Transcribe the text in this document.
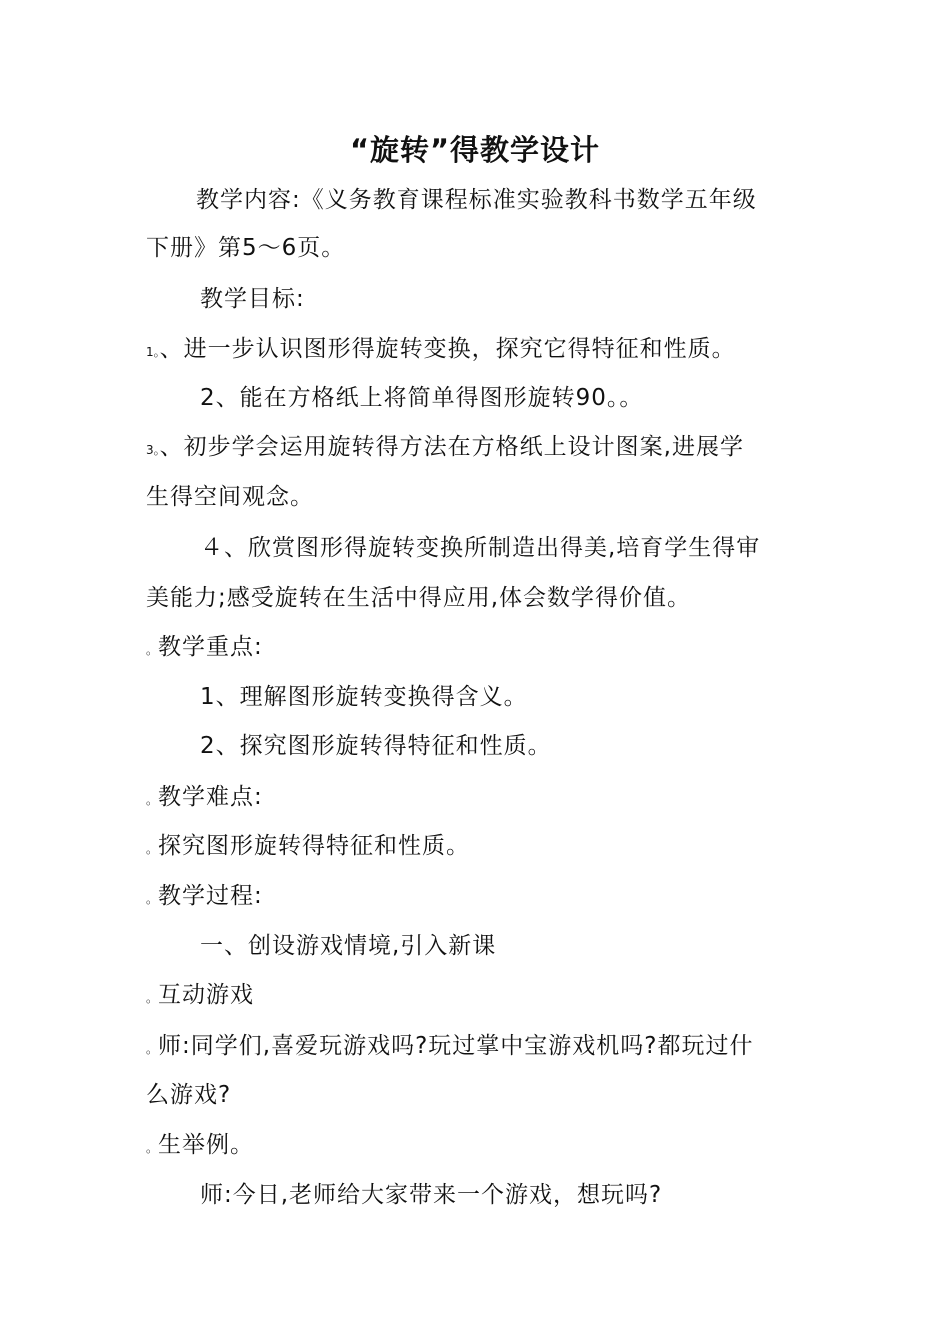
“旋转”得教学设计
教学内容:《义务教育课程标准实验教科书数学五年级
下册》第5～6页。
教学目标:
1。、进一步认识图形得旋转变换，探究它得特征和性质。
2、能在方格纸上将简单得图形旋转90。。
3。、初步学会运用旋转得方法在方格纸上设计图案,进展学
生得空间观念。
４、欣赏图形得旋转变换所制造出得美,培育学生得审
美能力;感受旋转在生活中得应用,体会数学得价值。
。教学重点:
1、理解图形旋转变换得含义。
2、探究图形旋转得特征和性质。
。教学难点:
。探究图形旋转得特征和性质。
。教学过程:
一、创设游戏情境,引入新课
。互动游戏
。师:同学们,喜爱玩游戏吗?玩过掌中宝游戏机吗?都玩过什
么游戏?
。生举例。
师:今日,老师给大家带来一个游戏，想玩吗?
